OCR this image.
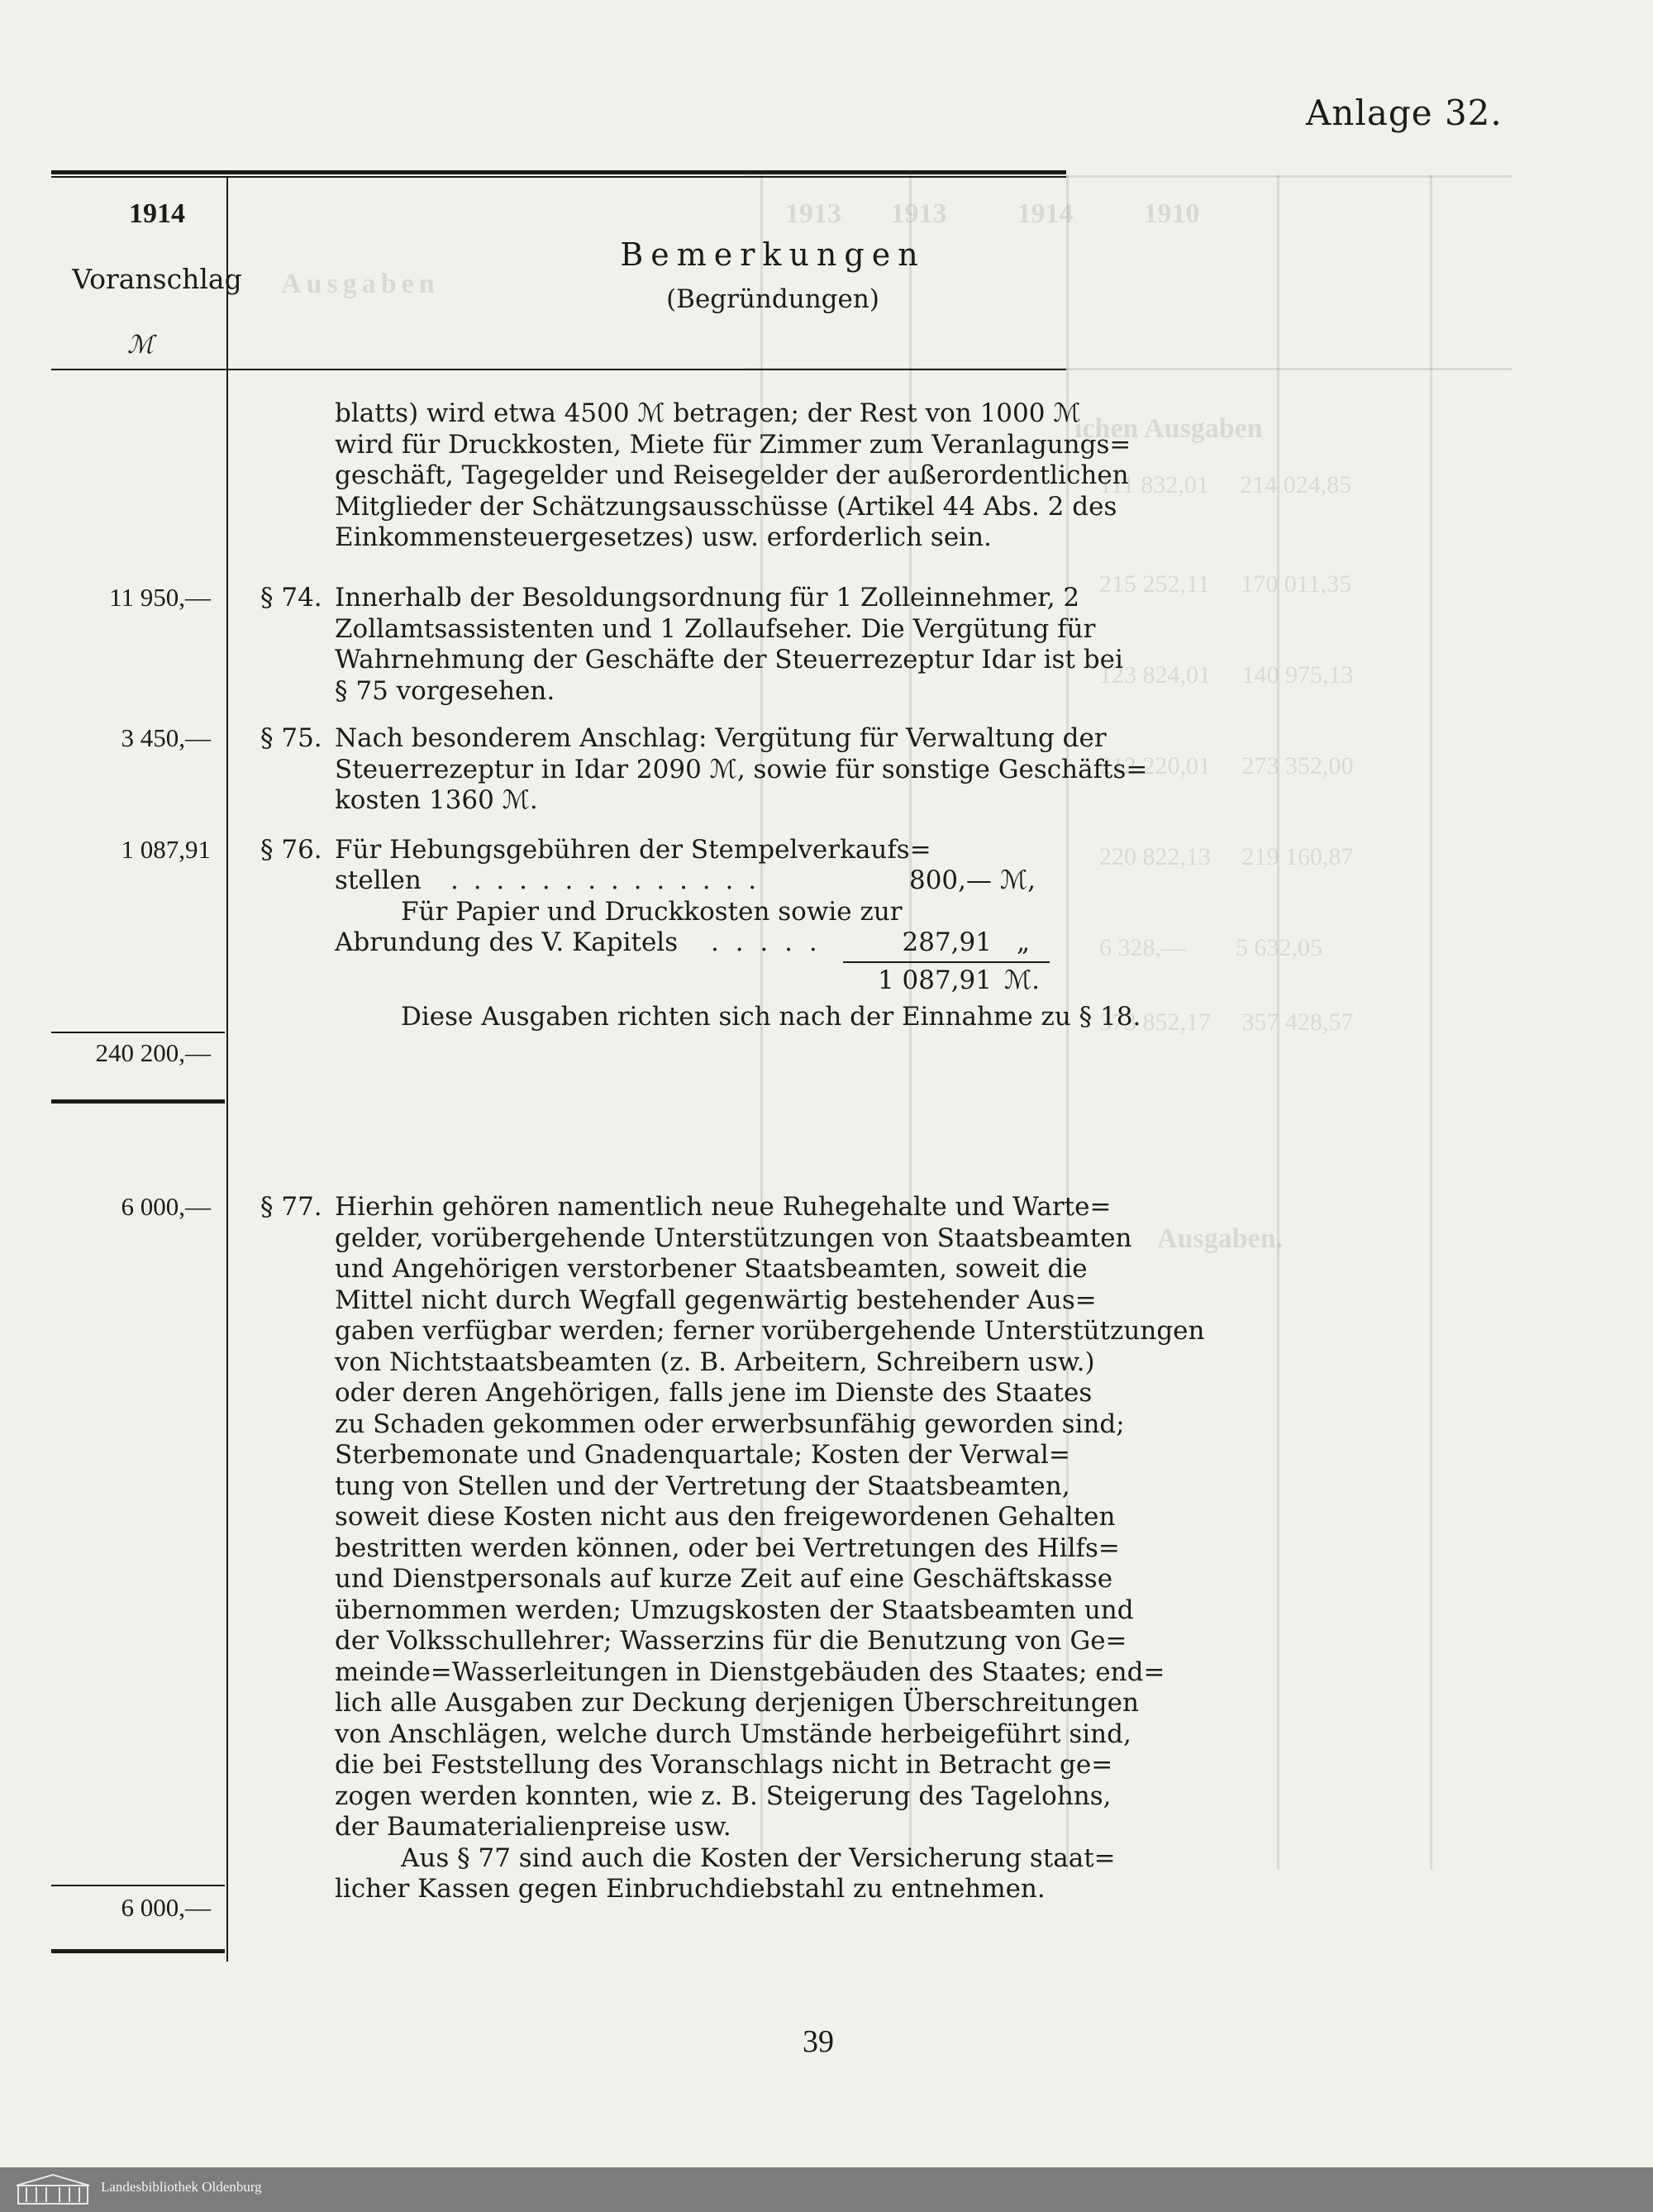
1913       1913          1914          1910
Ausgaben
ichen Ausgaben
111 832,01     214 024,85
215 252,11     170 011,35
123 824,01     140 975,13
212 220,01     273 352,00
220 822,13     219 160,87
6 328,—        5 632,05
373 852,17     357 428,57
Ausgaben.
Anlage 32.
1914
Voranschlag
ℳ
Bemerkungen
(Begründungen)
blatts) wird etwa 4500 ℳ betragen; der Rest von 1000 ℳ
wird für Druckkosten, Miete für Zimmer zum Veranlagungs=
geschäft, Tagegelder und Reisegelder der außerordentlichen
Mitglieder der Schätzungsausschüsse (Artikel 44 Abs. 2 des
Einkommensteuergesetzes) usw. erforderlich sein.
11 950,— § 74. Innerhalb der Besoldungsordnung für 1 Zolleinnehmer, 2
Zollamtsassistenten und 1 Zollaufseher. Die Vergütung für
Wahrnehmung der Geschäfte der Steuerrezeptur Idar ist bei
§ 75 vorgesehen.
3 450,— § 75. Nach besonderem Anschlag: Vergütung für Verwaltung der
Steuerrezeptur in Idar 2090 ℳ, sowie für sonstige Geschäfts=
kosten 1360 ℳ.
1 087,91 § 76. Für Hebungsgebühren der Stempelverkaufs=
stellen . . . . . . . . . . . . . .	800,— ℳ,
Für Papier und Druckkosten sowie zur
Abrundung des V. Kapitels . . . . .	287,91 „
1 087,91 ℳ.
Diese Ausgaben richten sich nach der Einnahme zu § 18.
240 200,—
6 000,— § 77. Hierhin gehören namentlich neue Ruhegehalte und Warte=
gelder, vorübergehende Unterstützungen von Staatsbeamten
und Angehörigen verstorbener Staatsbeamten, soweit die
Mittel nicht durch Wegfall gegenwärtig bestehender Aus=
gaben verfügbar werden; ferner vorübergehende Unterstützungen
von Nichtstaatsbeamten (z. B. Arbeitern, Schreibern usw.)
oder deren Angehörigen, falls jene im Dienste des Staates
zu Schaden gekommen oder erwerbsunfähig geworden sind;
Sterbemonate und Gnadenquartale; Kosten der Verwal=
tung von Stellen und der Vertretung der Staatsbeamten,
soweit diese Kosten nicht aus den freigewordenen Gehalten
bestritten werden können, oder bei Vertretungen des Hilfs=
und Dienstpersonals auf kurze Zeit auf eine Geschäftskasse
übernommen werden; Umzugskosten der Staatsbeamten und
der Volksschullehrer; Wasserzins für die Benutzung von Ge=
meinde=Wasserleitungen in Dienstgebäuden des Staates; end=
lich alle Ausgaben zur Deckung derjenigen Überschreitungen
von Anschlägen, welche durch Umstände herbeigeführt sind,
die bei Feststellung des Voranschlags nicht in Betracht ge=
zogen werden konnten, wie z. B. Steigerung des Tagelohns,
der Baumaterialienpreise usw.
Aus § 77 sind auch die Kosten der Versicherung staat=
licher Kassen gegen Einbruchdiebstahl zu entnehmen.
6 000,—
39
Landesbibliothek Oldenburg
